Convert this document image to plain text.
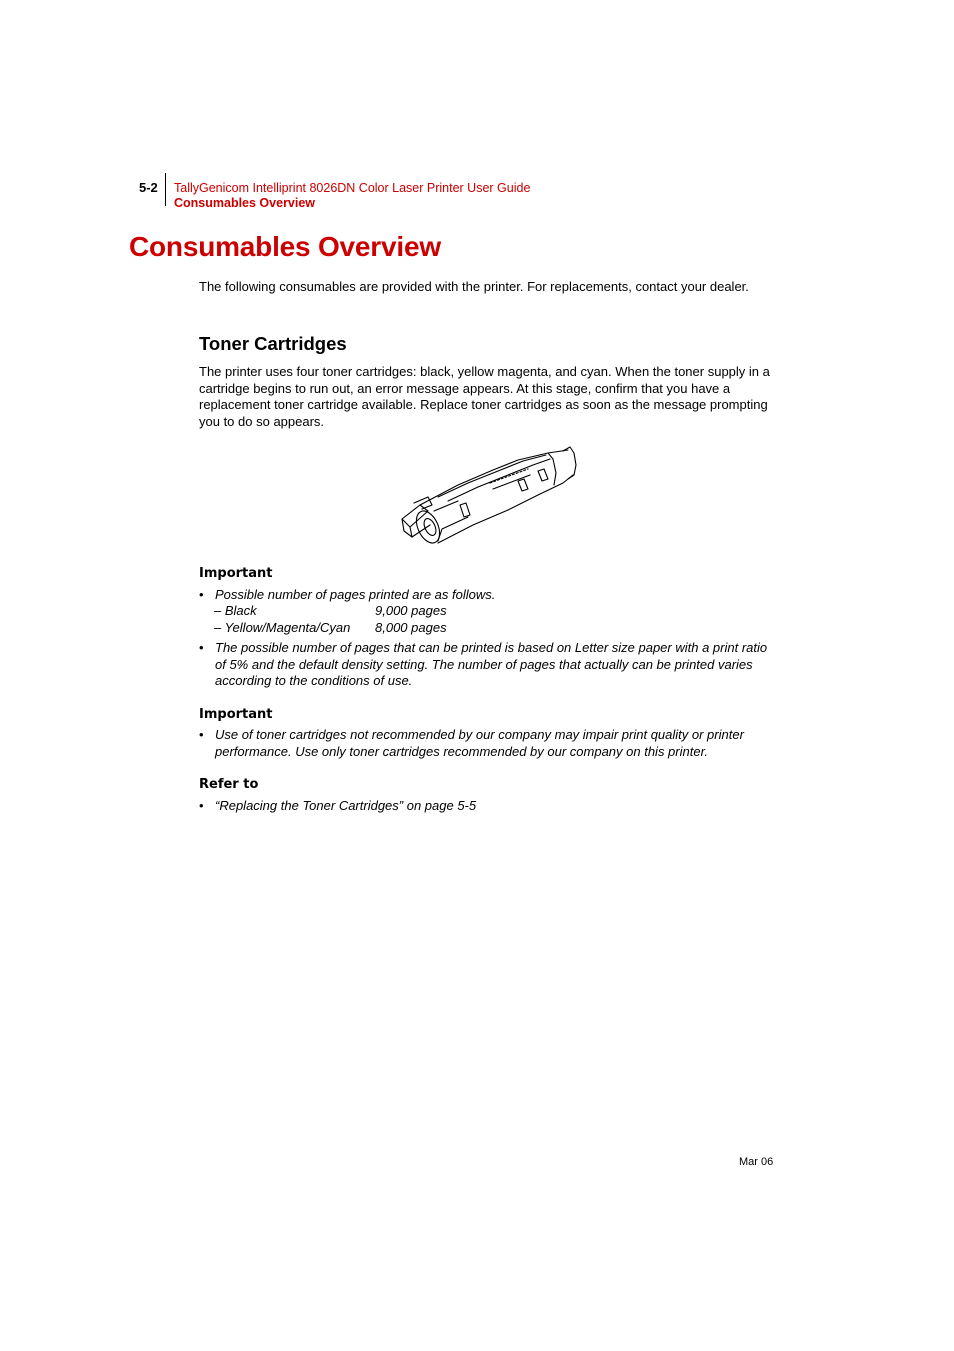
5-2 TallyGenicom Intelliprint 8026DN Color Laser Printer User Guide
Consumables Overview
Consumables Overview

The following consumables are provided with the printer. For replacements, contact your dealer.

Toner Cartridges

The printer uses four toner cartridges: black, yellow magenta, and cyan. When the toner supply in a cartridge begins to run out, an error message appears. At this stage, confirm that you have a replacement toner cartridge available. Replace toner cartridges as soon as the message prompting you to do so appears.

Important
• Possible number of pages printed are as follows.
– Black	9,000 pages
– Yellow/Magenta/Cyan 8,000 pages
• The possible number of pages that can be printed is based on Letter size paper with a print ratio of 5% and the default density setting. The number of pages that actually can be printed varies according to the conditions of use.
Important
• Use of toner cartridges not recommended by our company may impair print quality or printer performance. Use only toner cartridges recommended by our company on this printer.
Refer to
• “Replacing the Toner Cartridges” on page 5-5
Mar 06
